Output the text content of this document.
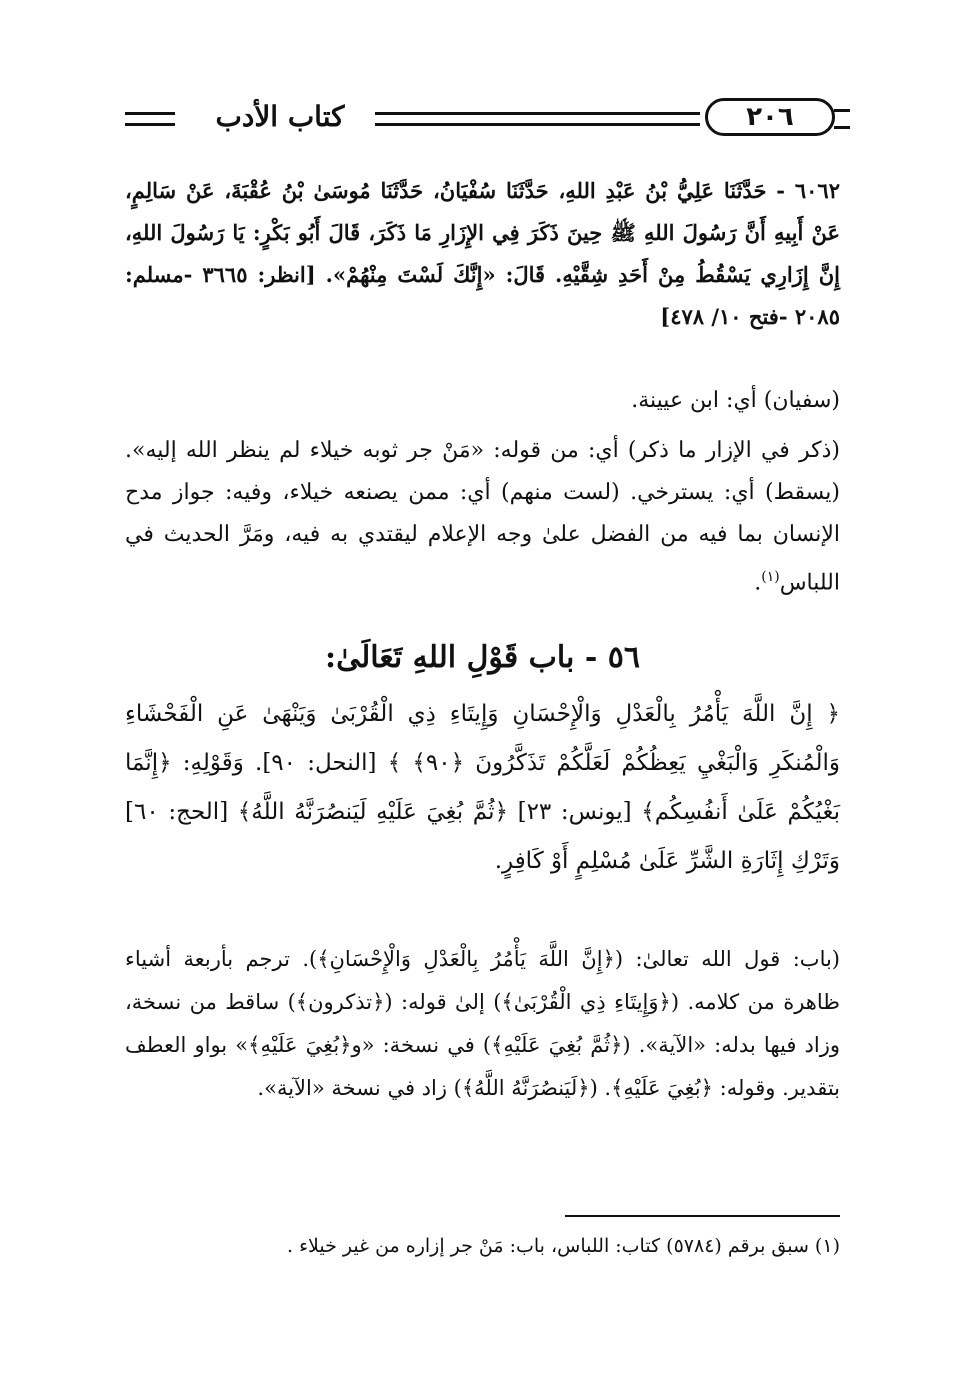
٢٠٦
كتاب الأدب
٦٠٦٢ - حَدَّثَنَا عَلِيُّ بْنُ عَبْدِ اللهِ، حَدَّثَنَا سُفْيَانُ، حَدَّثَنَا مُوسَىٰ بْنُ عُقْبَةَ، عَنْ سَالِمٍ، عَنْ أَبِيهِ أَنَّ رَسُولَ اللهِ ﷺ حِينَ ذَكَرَ فِي الإِزَارِ مَا ذَكَرَ، قَالَ أَبُو بَكْرٍ: يَا رَسُولَ اللهِ، إِنَّ إِزَارِي يَسْقُطُ مِنْ أَحَدِ شِقَّيْهِ. قَالَ: «إِنَّكَ لَسْتَ مِنْهُمْ». [انظر: ٣٦٦٥ -مسلم: ٢٠٨٥ -فتح ١٠/ ٤٧٨]
(سفيان) أي: ابن عيينة.
(ذكر في الإزار ما ذكر) أي: من قوله: «مَنْ جر ثوبه خيلاء لم ينظر الله إليه». (يسقط) أي: يسترخي. (لست منهم) أي: ممن يصنعه خيلاء، وفيه: جواز مدح الإنسان بما فيه من الفضل علىٰ وجه الإعلام ليقتدي به فيه، ومَرَّ الحديث في اللباس$^{(١)}$.
٥٦ - باب قَوْلِ اللهِ تَعَالَىٰ:
﴿ إِنَّ اللَّهَ يَأْمُرُ بِالْعَدْلِ وَالْإِحْسَانِ وَإِيتَاءِ ذِي الْقُرْبَىٰ وَيَنْهَىٰ عَنِ الْفَحْشَاءِ وَالْمُنكَرِ وَالْبَغْيِ يَعِظُكُمْ لَعَلَّكُمْ تَذَكَّرُونَ ﴿٩٠﴾ ﴾ [النحل: ٩٠]. وَقَوْلِهِ: ﴿إِنَّمَا بَغْيُكُمْ عَلَىٰ أَنفُسِكُم﴾ [يونس: ٢٣] ﴿ثُمَّ بُغِيَ عَلَيْهِ لَيَنصُرَنَّهُ اللَّهُ﴾ [الحج: ٦٠] وَتَرْكِ إِثَارَةِ الشَّرِّ عَلَىٰ مُسْلِمٍ أَوْ كَافِرٍ.
(باب: قول الله تعالىٰ: (﴿إِنَّ اللَّهَ يَأْمُرُ بِالْعَدْلِ وَالْإِحْسَانِ﴾). ترجم بأربعة أشياء ظاهرة من كلامه. (﴿وَإِيتَاءِ ذِي الْقُرْبَىٰ﴾) إلىٰ قوله: (﴿تذكرون﴾) ساقط من نسخة، وزاد فيها بدله: «الآية». (﴿ثُمَّ بُغِيَ عَلَيْهِ﴾) في نسخة: «و﴿بُغِيَ عَلَيْهِ﴾» بواو العطف بتقدير. وقوله: ﴿بُغِيَ عَلَيْهِ﴾. (﴿لَيَنصُرَنَّهُ اللَّهُ﴾) زاد في نسخة «الآية».
(١) سبق برقم (٥٧٨٤) كتاب: اللباس، باب: مَنْ جر إزاره من غير خيلاء .
